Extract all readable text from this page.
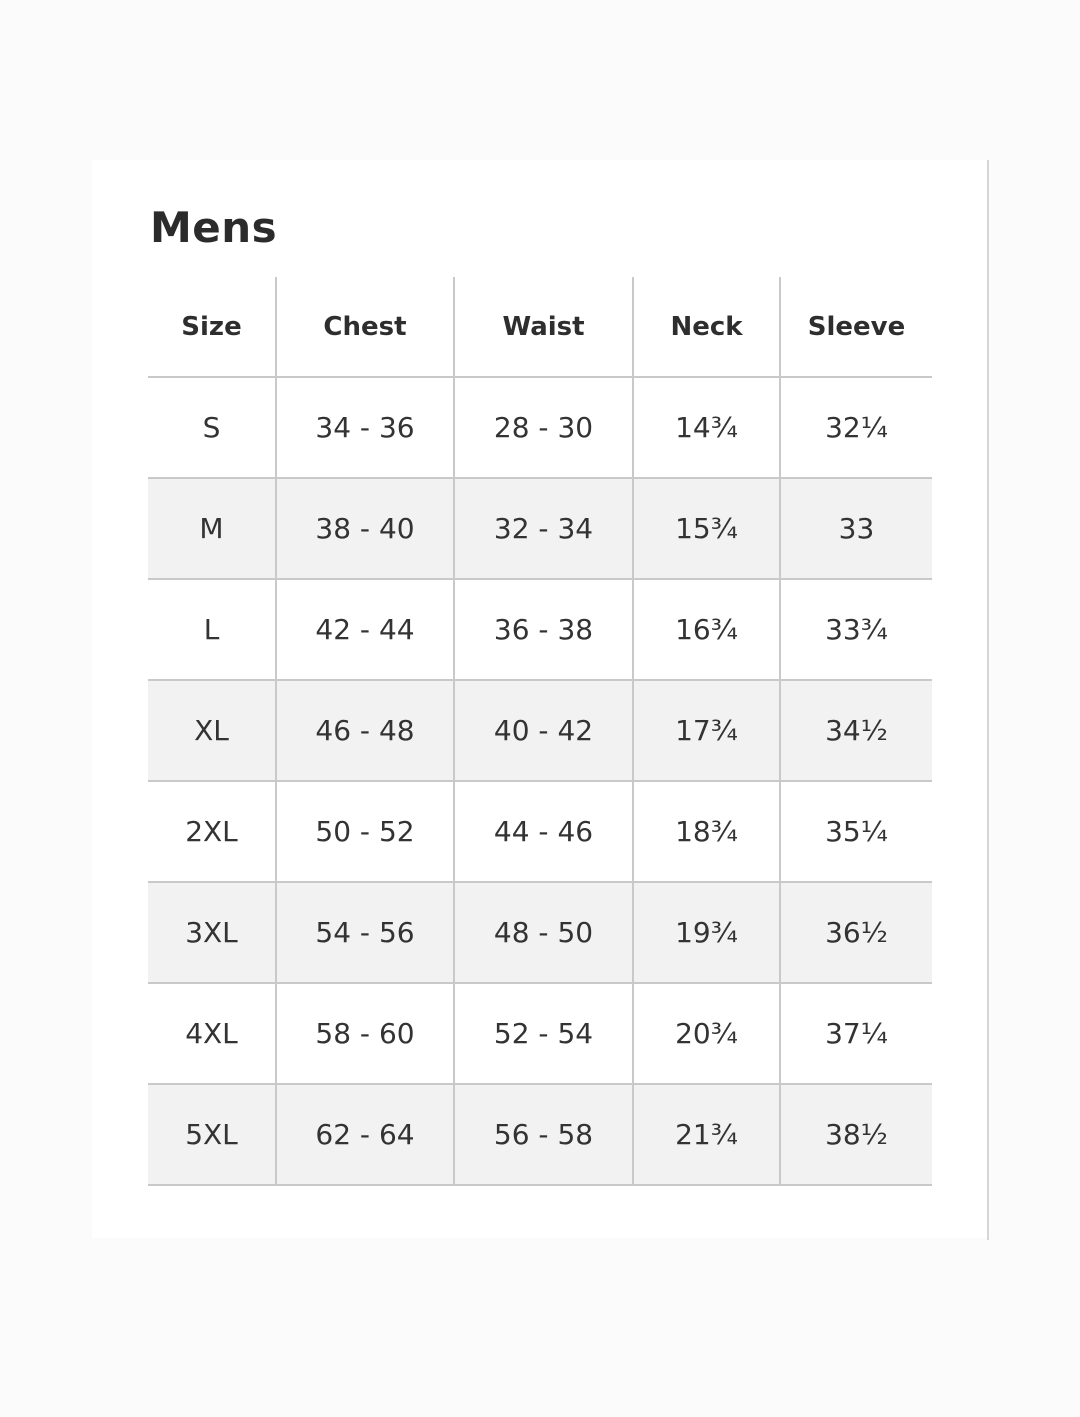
Mens
Size	Chest	Waist	Neck	Sleeve
S	34 - 36	28 - 30	14¾	32¼
M	38 - 40	32 - 34	15¾	33
L	42 - 44	36 - 38	16¾	33¾
XL	46 - 48	40 - 42	17¾	34½
2XL	50 - 52	44 - 46	18¾	35¼
3XL	54 - 56	48 - 50	19¾	36½
4XL	58 - 60	52 - 54	20¾	37¼
5XL	62 - 64	56 - 58	21¾	38½
